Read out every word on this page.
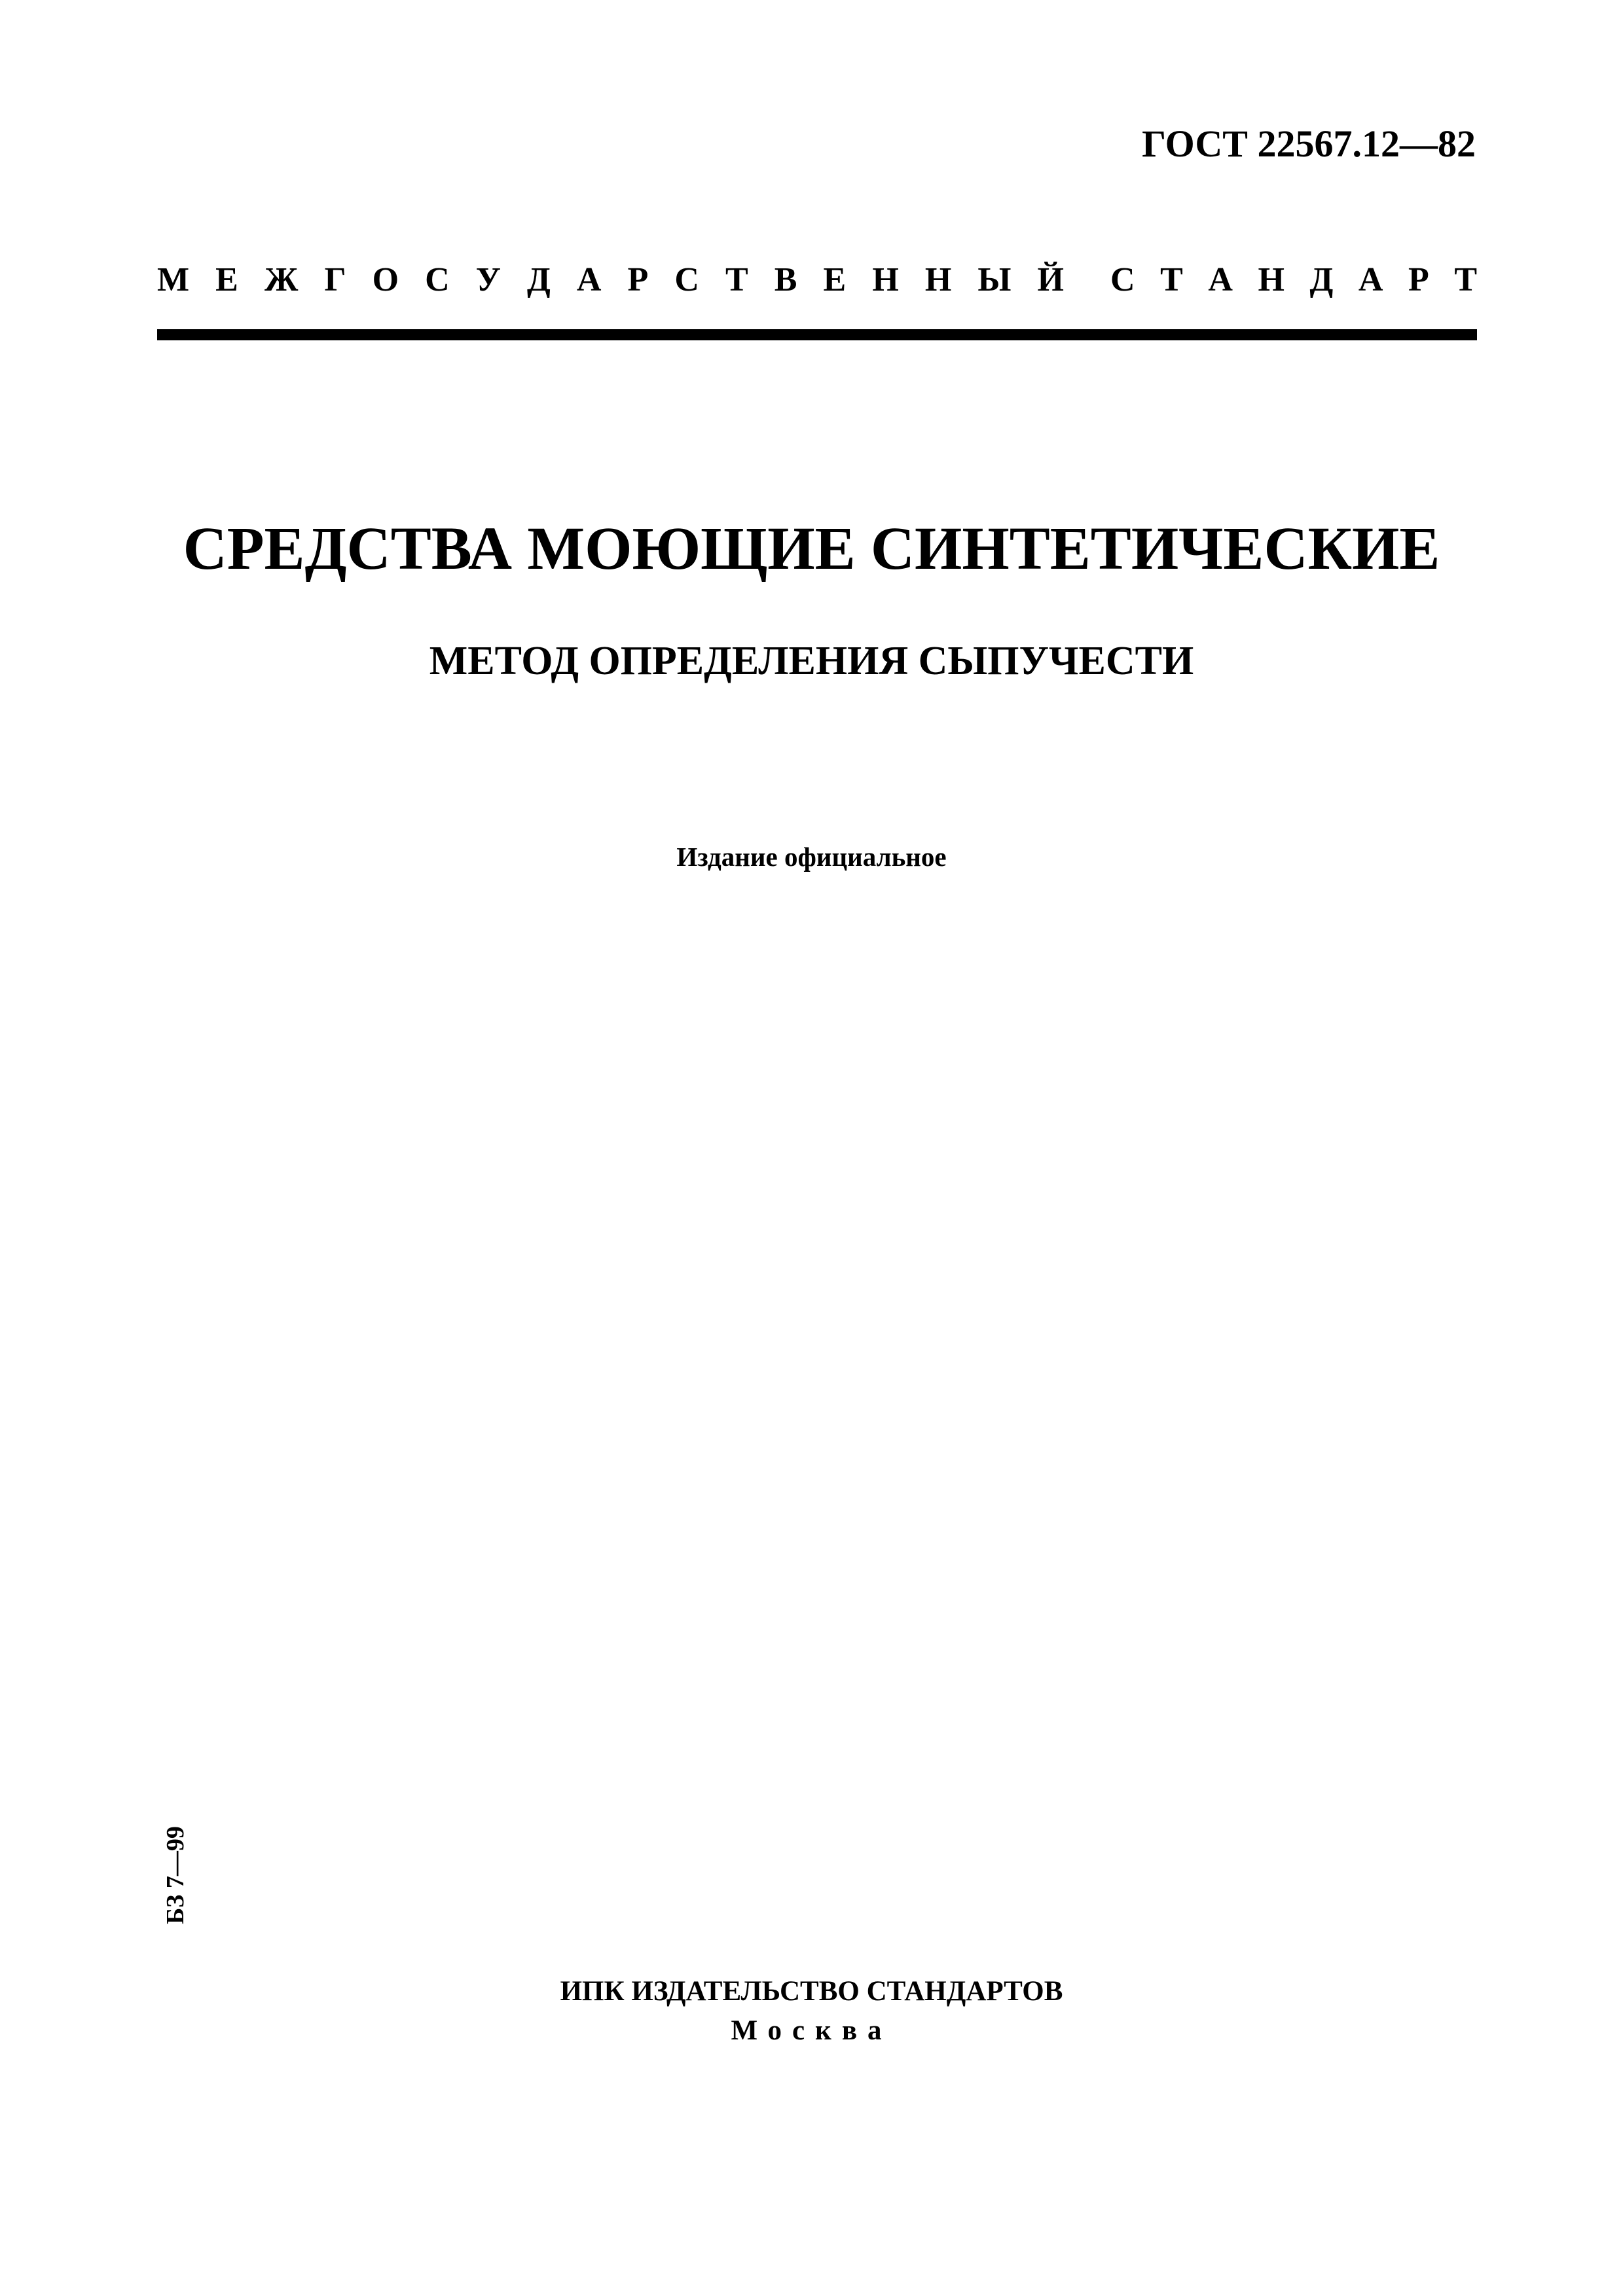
ГОСТ 22567.12—82
М Е Ж Г О С У Д А Р С Т В Е Н Н Ы Й С Т А Н Д А Р Т
СРЕДСТВА МОЮЩИЕ СИНТЕТИЧЕСКИЕ
МЕТОД ОПРЕДЕЛЕНИЯ СЫПУЧЕСТИ
Издание официальное
БЗ 7—99
ИПК ИЗДАТЕЛЬСТВО СТАНДАРТОВ
Москва
